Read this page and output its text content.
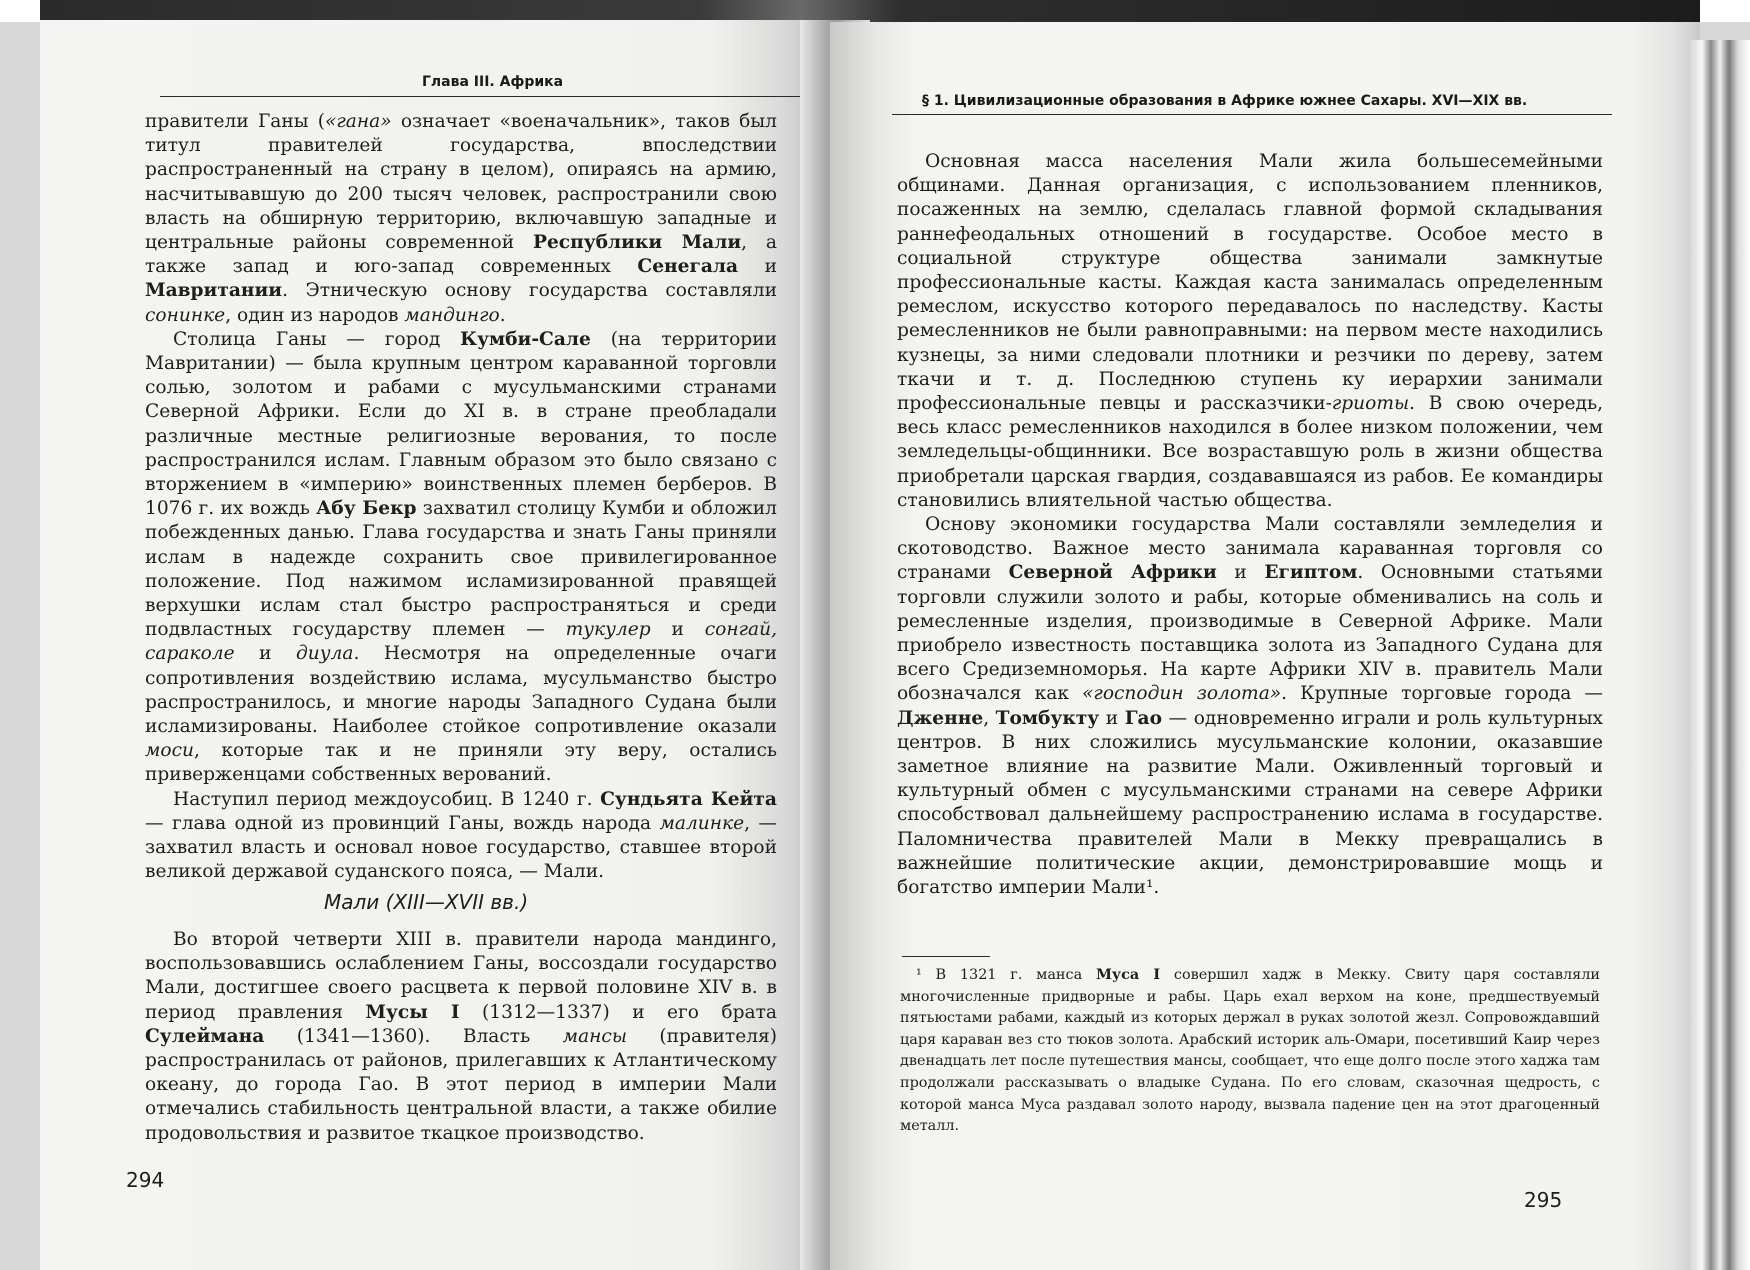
Глава III. Африка

правители Ганы («гана» означает «военачальник», таков был титул правителей государства, впоследствии распространенный на страну в целом), опираясь на армию, насчитывавшую до 200 тысяч человек, распространили свою власть на обширную территорию, включавшую западные и центральные районы современной Республики Мали, а также запад и юго-запад современных Сенегала и Мавритании. Этническую основу государства составляли сонинке, один из народов мандинго.

Столица Ганы — город Кумби-Сале (на территории Мавритании) — была крупным центром караванной торговли солью, золотом и рабами с мусульманскими странами Северной Африки. Если до XI в. в стране преобладали различные местные религиозные верования, то после распространился ислам. Главным образом это было связано с вторжением в «империю» воинственных племен берберов. В 1076 г. их вождь Абу Бекр захватил столицу Кумби и обложил побежденных данью. Глава государства и знать Ганы приняли ислам в надежде сохранить свое привилегированное положение. Под нажимом исламизированной правящей верхушки ислам стал быстро распространяться и среди подвластных государству племен — тукулер и сонгай, сараколе и диула. Несмотря на определенные очаги сопротивления воздействию ислама, мусульманство быстро распространилось, и многие народы Западного Судана были исламизированы. Наиболее стойкое сопротивление оказали моси, которые так и не приняли эту веру, остались приверженцами собственных верований.

Наступил период междоусобиц. В 1240 г. Сундьята Кейта — глава одной из провинций Ганы, вождь народа малинке, — захватил власть и основал новое государство, ставшее второй великой державой суданского пояса, — Мали.

Мали (XIII—XVII вв.)

Во второй четверти XIII в. правители народа мандинго, воспользовавшись ослаблением Ганы, воссоздали государство Мали, достигшее своего расцвета к первой половине XIV в. в период правления Мусы I (1312—1337) и его брата Сулеймана (1341—1360). Власть мансы (правителя) распространилась от районов, прилегавших к Атлантическому океану, до города Гао. В этот период в империи Мали отмечались стабильность центральной власти, а также обилие продовольствия и развитое ткацкое производство.

294
§ 1. Цивилизационные образования в Африке южнее Сахары. XVI—XIX вв.

Основная масса населения Мали жила большесемейными общинами. Данная организация, с использованием пленников, посаженных на землю, сделалась главной формой складывания раннефеодальных отношений в государстве. Особое место в социальной структуре общества занимали замкнутые профессиональные касты. Каждая каста занималась определенным ремеслом, искусство которого передавалось по наследству. Касты ремесленников не были равноправными: на первом месте находились кузнецы, за ними следовали плотники и резчики по дереву, затем ткачи и т. д. Последнюю ступень ку иерархии занимали профессиональные певцы и рассказчики-гриоты. В свою очередь, весь класс ремесленников находился в более низком положении, чем земледельцы-общинники. Все возраставшую роль в жизни общества приобретали царская гвардия, создававшаяся из рабов. Ее командиры становились влиятельной частью общества.

Основу экономики государства Мали составляли земледелия и скотоводство. Важное место занимала караванная торговля со странами Северной Африки и Египтом. Основными статьями торговли служили золото и рабы, которые обменивались на соль и ремесленные изделия, производимые в Северной Африке. Мали приобрело известность поставщика золота из Западного Судана для всего Средиземноморья. На карте Африки XIV в. правитель Мали обозначался как «господин золота». Крупные торговые города — Дженне, Томбукту и Гао — одновременно играли и роль культурных центров. В них сложились мусульманские колонии, оказавшие заметное влияние на развитие Мали. Оживленный торговый и культурный обмен с мусульманскими странами на севере Африки способствовал дальнейшему распространению ислама в государстве. Паломничества правителей Мали в Мекку превращались в важнейшие политические акции, демонстрировавшие мощь и богатство империи Мали¹.

¹ В 1321 г. манса Муса I совершил хадж в Мекку. Свиту царя составляли многочисленные придворные и рабы. Царь ехал верхом на коне, предшествуемый пятьюстами рабами, каждый из которых держал в руках золотой жезл. Сопровождавший царя караван вез сто тюков золота. Арабский историк аль-Омари, посетивший Каир через двенадцать лет после путешествия мансы, сообщает, что еще долго после этого хаджа там продолжали рассказывать о владыке Судана. По его словам, сказочная щедрость, с которой манса Муса раздавал золото народу, вызвала падение цен на этот драгоценный металл.

295
